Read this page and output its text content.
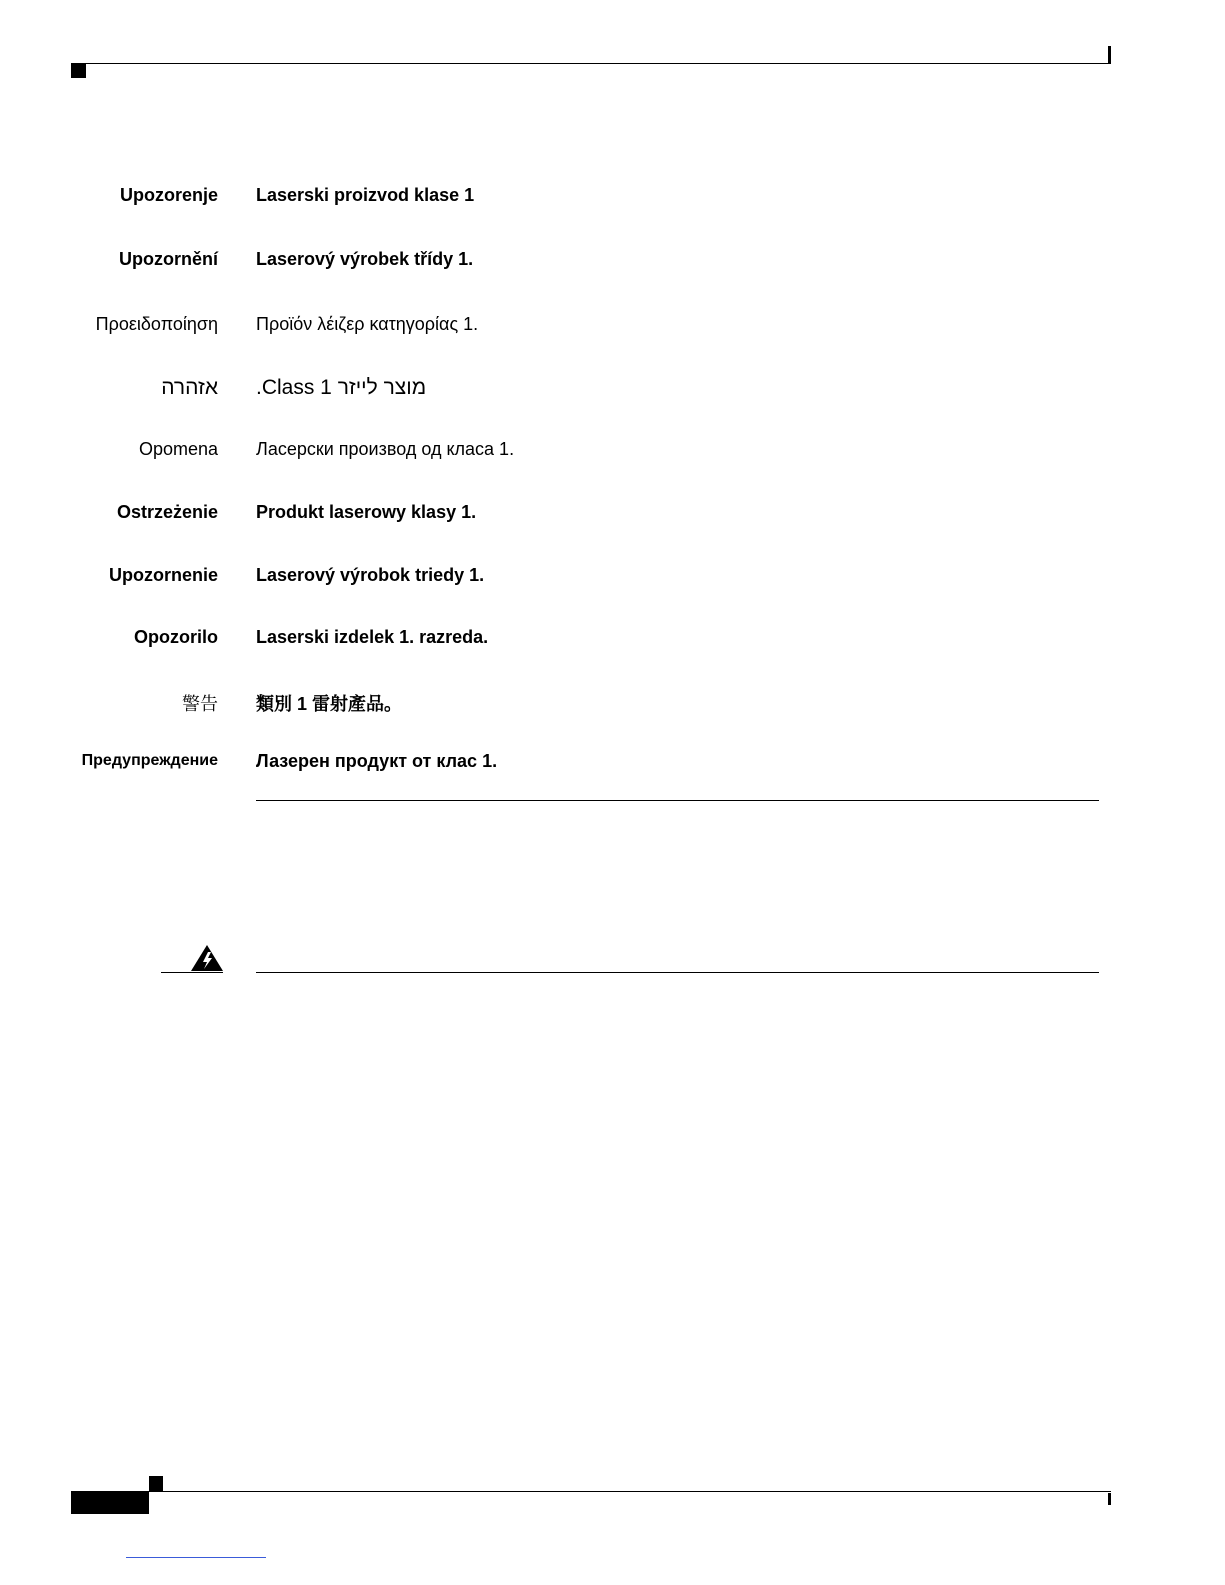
Upozorenje Laserski proizvod klase 1
Upozornění Laserový výrobek třídy 1.
Προειδοποίηση Προϊόν λέιζερ κατηγορίας 1.
אזהרה .Class 1 מוצר לייזר
Opomena Ласерски производ од класа 1.
Ostrzeżenie Produkt laserowy klasy 1.
Upozornenie Laserový výrobok triedy 1.
Opozorilo Laserski izdelek 1. razreda.
警告 類別 1 雷射產品。
Предупреждение Лазерен продукт от клас 1.
